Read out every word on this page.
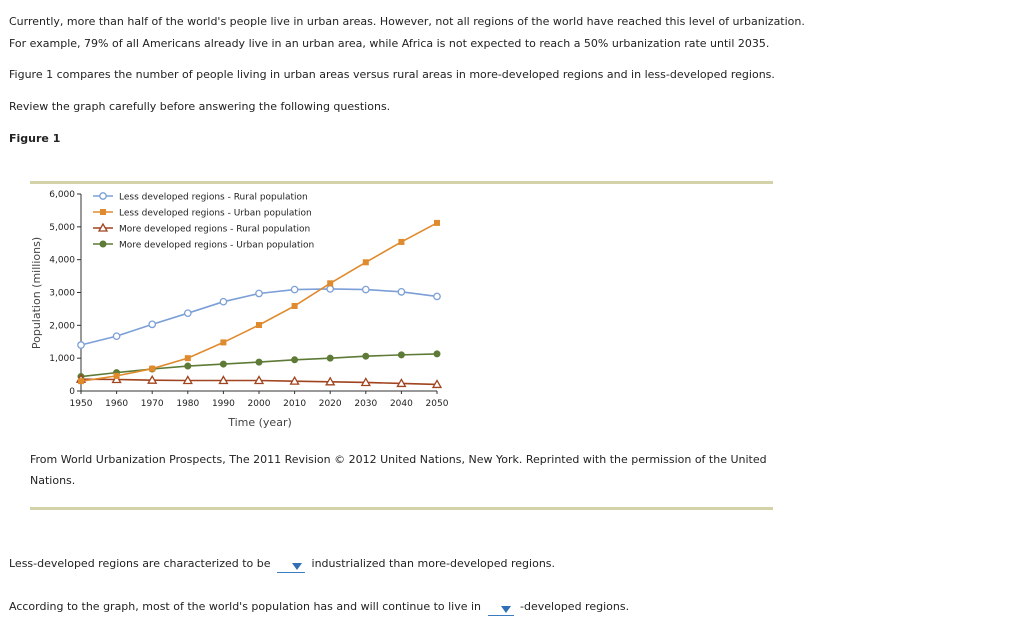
Currently, more than half of the world's people live in urban areas. However, not all regions of the world have reached this level of urbanization. For example, 79% of all Americans already live in an urban area, while Africa is not expected to reach a 50% urbanization rate until 2035.

Figure 1 compares the number of people living in urban areas versus rural areas in more-developed regions and in less-developed regions.

Review the graph carefully before answering the following questions.

Figure 1

0
1,000
2,000
3,000
4,000
5,000
6,000
1950 1960 1970 1980 1990 2000 2010 2020 2030 2040 2050
Time (year)
Population (millions)
Less developed regions - Rural population
Less developed regions - Urban population
More developed regions - Rural population
More developed regions - Urban population

From World Urbanization Prospects, The 2011 Revision © 2012 United Nations, New York. Reprinted with the permission of the United Nations.

Less-developed regions are characterized to be	industrialized than more-developed regions.

According to the graph, most of the world's population has and will continue to live in	-developed regions.
